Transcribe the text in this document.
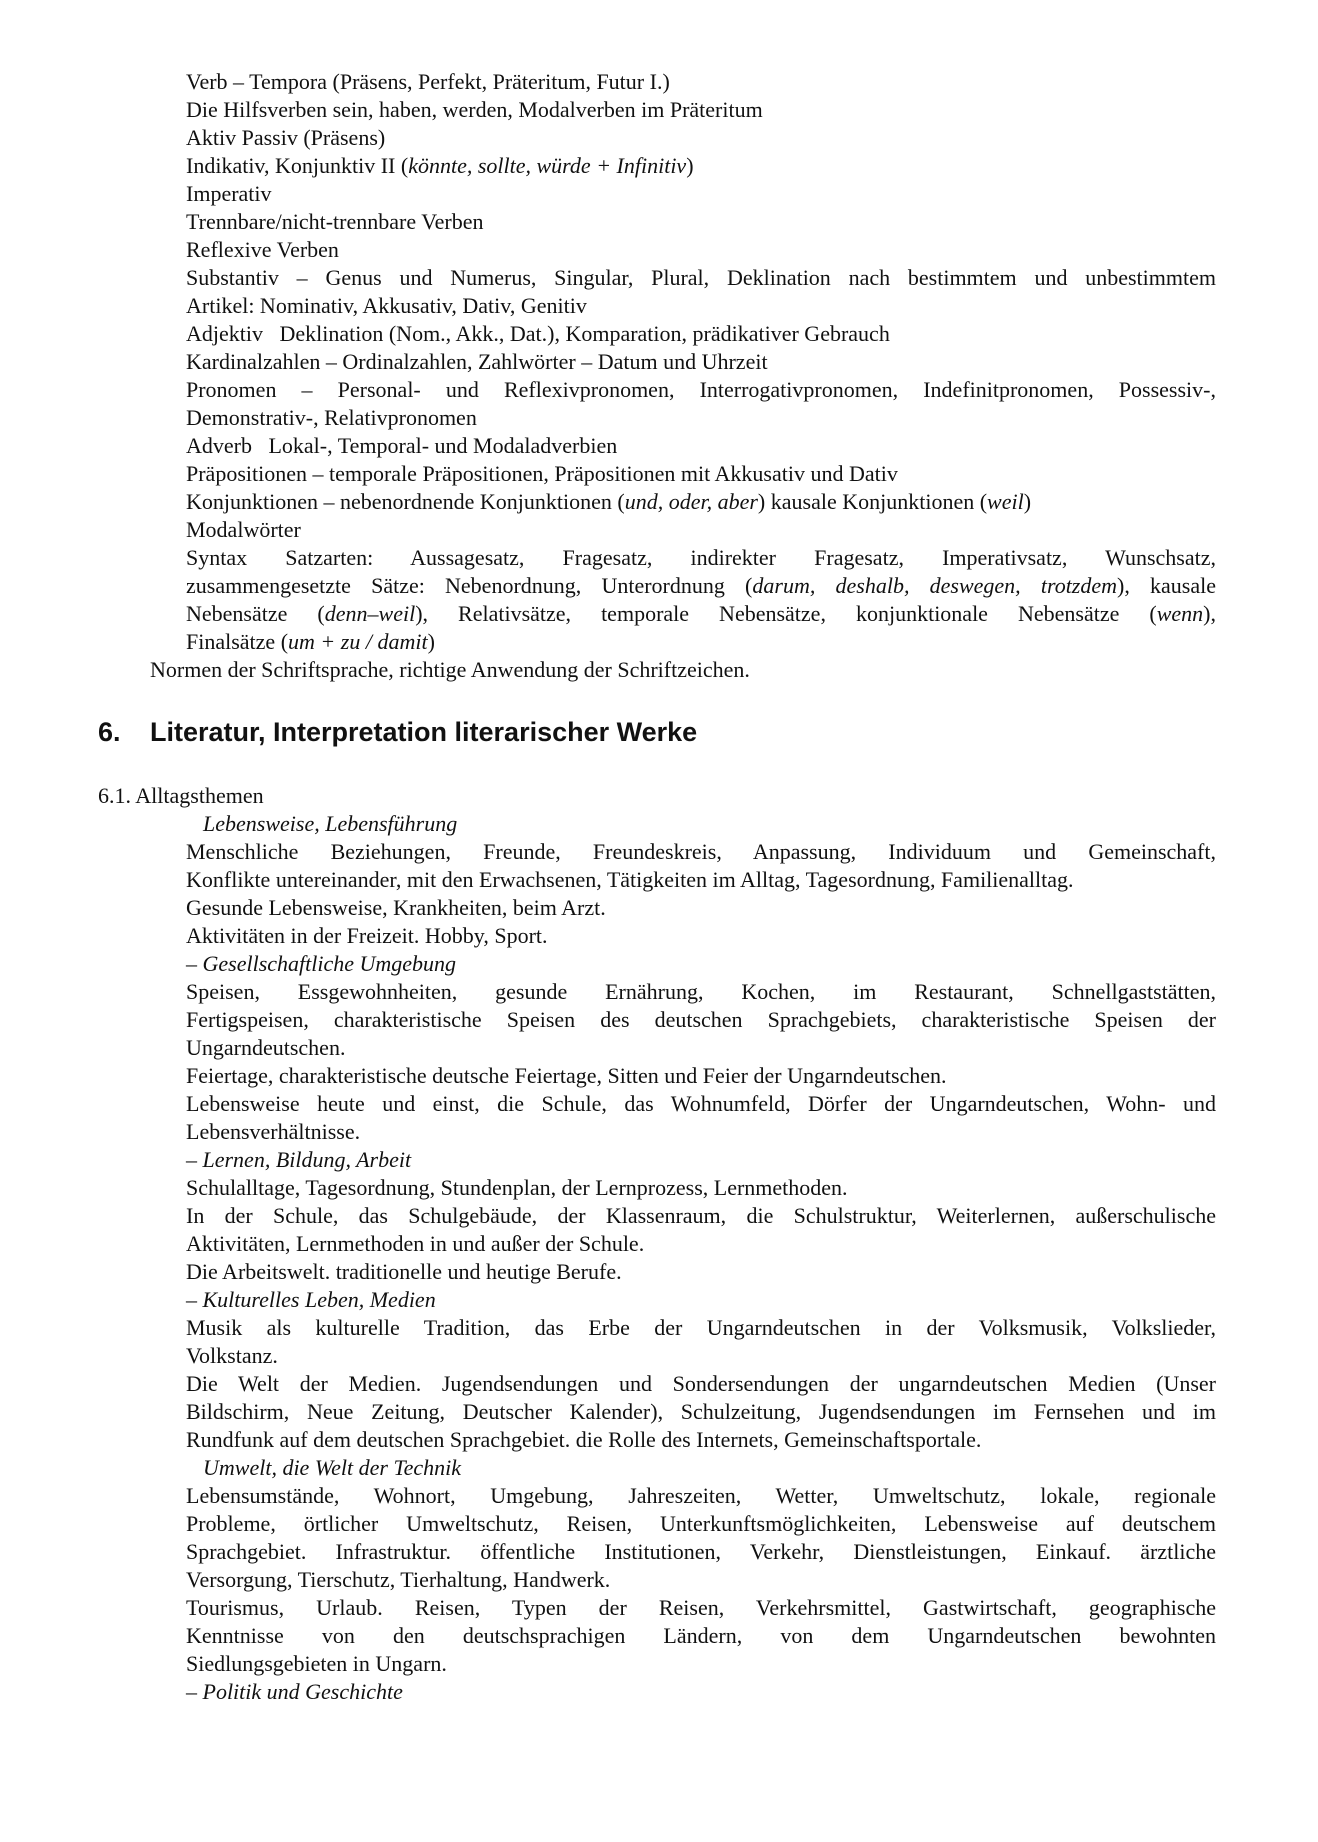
Verb – Tempora (Präsens, Perfekt, Präteritum, Futur I.)
Die Hilfsverben sein, haben, werden, Modalverben im Präteritum
Aktiv Passiv (Präsens)
Indikativ, Konjunktiv II (könnte, sollte, würde + Infinitiv)
Imperativ
Trennbare/nicht-trennbare Verben
Reflexive Verben
Substantiv – Genus und Numerus, Singular, Plural, Deklination nach bestimmtem und unbestimmtem
Artikel: Nominativ, Akkusativ, Dativ, Genitiv
Adjektiv   Deklination (Nom., Akk., Dat.), Komparation, prädikativer Gebrauch
Kardinalzahlen – Ordinalzahlen, Zahlwörter – Datum und Uhrzeit
Pronomen – Personal- und Reflexivpronomen, Interrogativpronomen, Indefinitpronomen, Possessiv-,
Demonstrativ-, Relativpronomen
Adverb   Lokal-, Temporal- und Modaladverbien
Präpositionen – temporale Präpositionen, Präpositionen mit Akkusativ und Dativ
Konjunktionen – nebenordnende Konjunktionen (und, oder, aber) kausale Konjunktionen (weil)
Modalwörter
Syntax Satzarten: Aussagesatz, Fragesatz, indirekter Fragesatz, Imperativsatz, Wunschsatz,
zusammengesetzte Sätze: Nebenordnung, Unterordnung (darum, deshalb, deswegen, trotzdem), kausale
Nebensätze (denn–weil), Relativsätze, temporale Nebensätze, konjunktionale Nebensätze (wenn),
Finalsätze (um + zu / damit)
Normen der Schriftsprache, richtige Anwendung der Schriftzeichen.
6. Literatur, Interpretation literarischer Werke
6.1. Alltagsthemen
Lebensweise, Lebensführung
Menschliche Beziehungen, Freunde, Freundeskreis, Anpassung, Individuum und Gemeinschaft,
Konflikte untereinander, mit den Erwachsenen, Tätigkeiten im Alltag, Tagesordnung, Familienalltag.
Gesunde Lebensweise, Krankheiten, beim Arzt.
Aktivitäten in der Freizeit. Hobby, Sport.
– Gesellschaftliche Umgebung
Speisen, Essgewohnheiten, gesunde Ernährung, Kochen, im Restaurant, Schnellgaststätten,
Fertigspeisen, charakteristische Speisen des deutschen Sprachgebiets, charakteristische Speisen der
Ungarndeutschen.
Feiertage, charakteristische deutsche Feiertage, Sitten und Feier der Ungarndeutschen.
Lebensweise heute und einst, die Schule, das Wohnumfeld, Dörfer der Ungarndeutschen, Wohn- und
Lebensverhältnisse.
– Lernen, Bildung, Arbeit
Schulalltage, Tagesordnung, Stundenplan, der Lernprozess, Lernmethoden.
In der Schule, das Schulgebäude, der Klassenraum, die Schulstruktur, Weiterlernen, außerschulische
Aktivitäten, Lernmethoden in und außer der Schule.
Die Arbeitswelt. traditionelle und heutige Berufe.
– Kulturelles Leben, Medien
Musik als kulturelle Tradition, das Erbe der Ungarndeutschen in der Volksmusik, Volkslieder,
Volkstanz.
Die Welt der Medien. Jugendsendungen und Sondersendungen der ungarndeutschen Medien (Unser
Bildschirm, Neue Zeitung, Deutscher Kalender), Schulzeitung, Jugendsendungen im Fernsehen und im
Rundfunk auf dem deutschen Sprachgebiet. die Rolle des Internets, Gemeinschaftsportale.
Umwelt, die Welt der Technik
Lebensumstände, Wohnort, Umgebung, Jahreszeiten, Wetter, Umweltschutz, lokale, regionale
Probleme, örtlicher Umweltschutz, Reisen, Unterkunftsmöglichkeiten, Lebensweise auf deutschem
Sprachgebiet. Infrastruktur. öffentliche Institutionen, Verkehr, Dienstleistungen, Einkauf. ärztliche
Versorgung, Tierschutz, Tierhaltung, Handwerk.
Tourismus, Urlaub. Reisen, Typen der Reisen, Verkehrsmittel, Gastwirtschaft, geographische
Kenntnisse von den deutschsprachigen Ländern, von dem Ungarndeutschen bewohnten
Siedlungsgebieten in Ungarn.
– Politik und Geschichte
